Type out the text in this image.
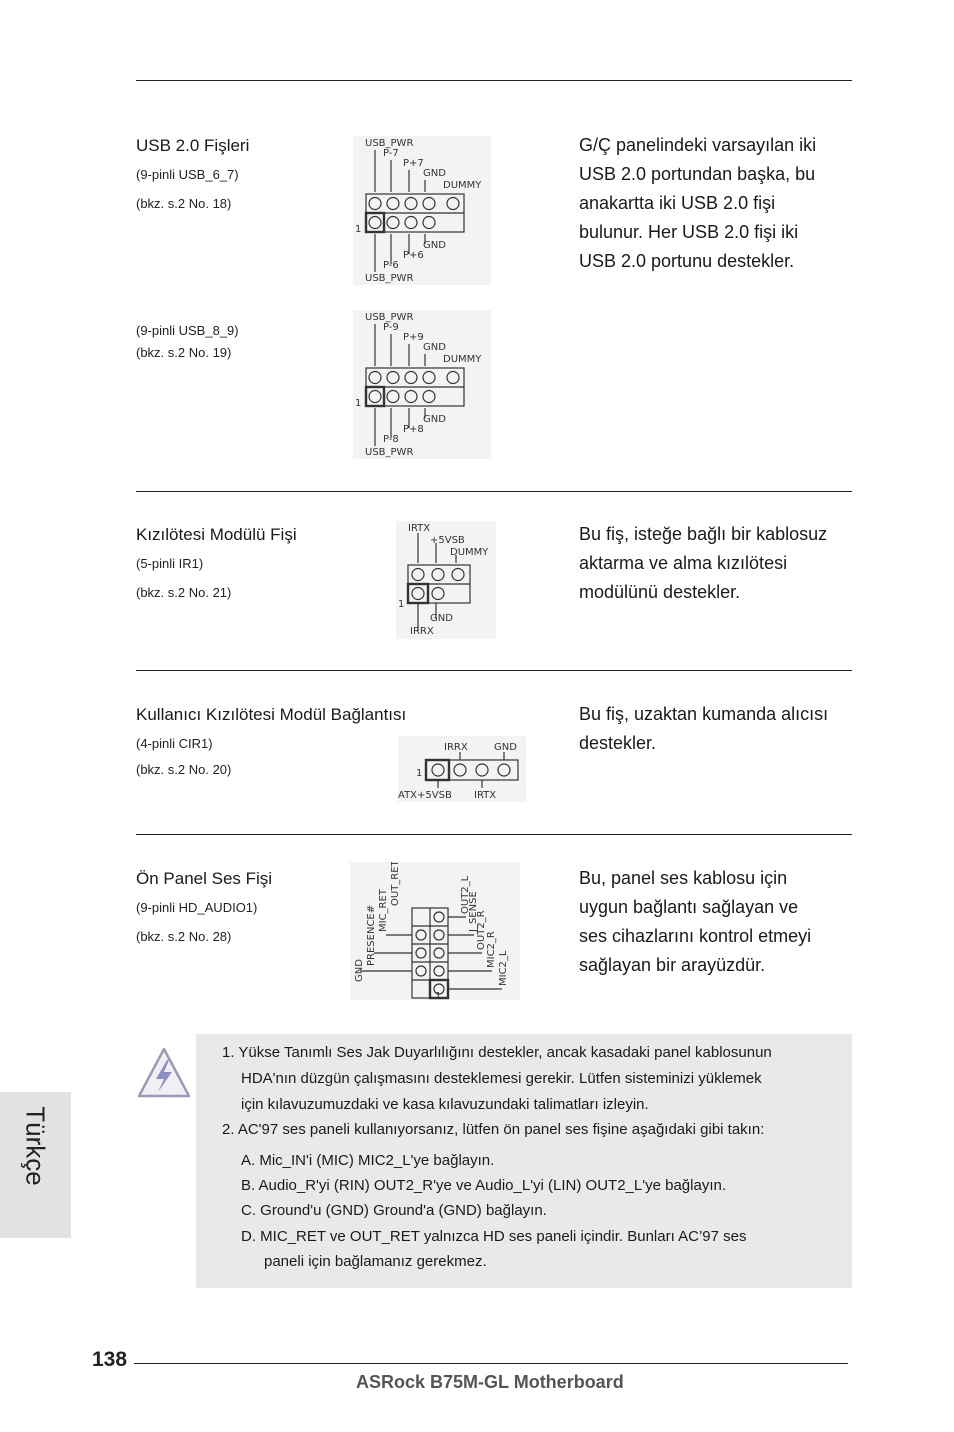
USB 2.0 Fişleri
(9-pinli USB_6_7)
(bkz. s.2 No. 18)
(9-pinli USB_8_9)
(bkz. s.2 No. 19)
G/Ç panelindeki varsayılan iki
USB 2.0 portundan başka, bu
anakartta iki USB 2.0 fişi
bulunur. Her USB 2.0 fişi iki
USB 2.0 portunu destekler.
USB_PWR
P-7
P+7
GND
DUMMY
GND
P+6
P-6
USB_PWR
1
USB_PWR
P-9
P+9
GND
DUMMY
GND
P+8
P-8
USB_PWR
1
Kızılötesi Modülü Fişi
(5-pinli IR1)
(bkz. s.2 No. 21)
Bu fiş, isteğe bağlı bir kablosuz
aktarma ve alma kızılötesi
modülünü destekler.
IRTX
+5VSB
DUMMY
GND
IRRX
1
Kullanıcı Kızılötesi Modül Bağlantısı
(4-pinli CIR1)
(bkz. s.2 No. 20)
Bu fiş, uzaktan kumanda alıcısı
destekler.
IRRX	GND
ATX+5VSB IRTX
1
Ön Panel Ses Fişi
(9-pinli HD_AUDIO1)
(bkz. s.2 No. 28)
Bu, panel ses kablosu için
uygun bağlantı sağlayan ve
ses cihazlarını kontrol etmeyi
sağlayan bir arayüzdür.
GND
PRESENCE# MIC_RET
OUT_RET	OUT2_L
J_SENSE
OUT2_R MIC2_R
MIC2_L
1
1. Yükse Tanımlı Ses Jak Duyarlılığını destekler, ancak kasadaki panel kablosunun
HDA'nın düzgün çalışmasını desteklemesi gerekir. Lütfen sisteminizi yüklemek
için kılavuzumuzdaki ve kasa kılavuzundaki talimatları izleyin.
2. AC'97 ses paneli kullanıyorsanız, lütfen ön panel ses fişine aşağıdaki gibi takın:
A. Mic_IN'i (MIC) MIC2_L'ye bağlayın.
B. Audio_R'yi (RIN) OUT2_R'ye ve Audio_L'yi (LIN) OUT2_L'ye bağlayın.
C. Ground'u (GND) Ground'a (GND) bağlayın.
D. MIC_RET ve OUT_RET yalnızca HD ses paneli içindir. Bunları AC’97 ses
paneli için bağlamanız gerekmez.
Türkçe
138
ASRock B75M-GL Motherboard
